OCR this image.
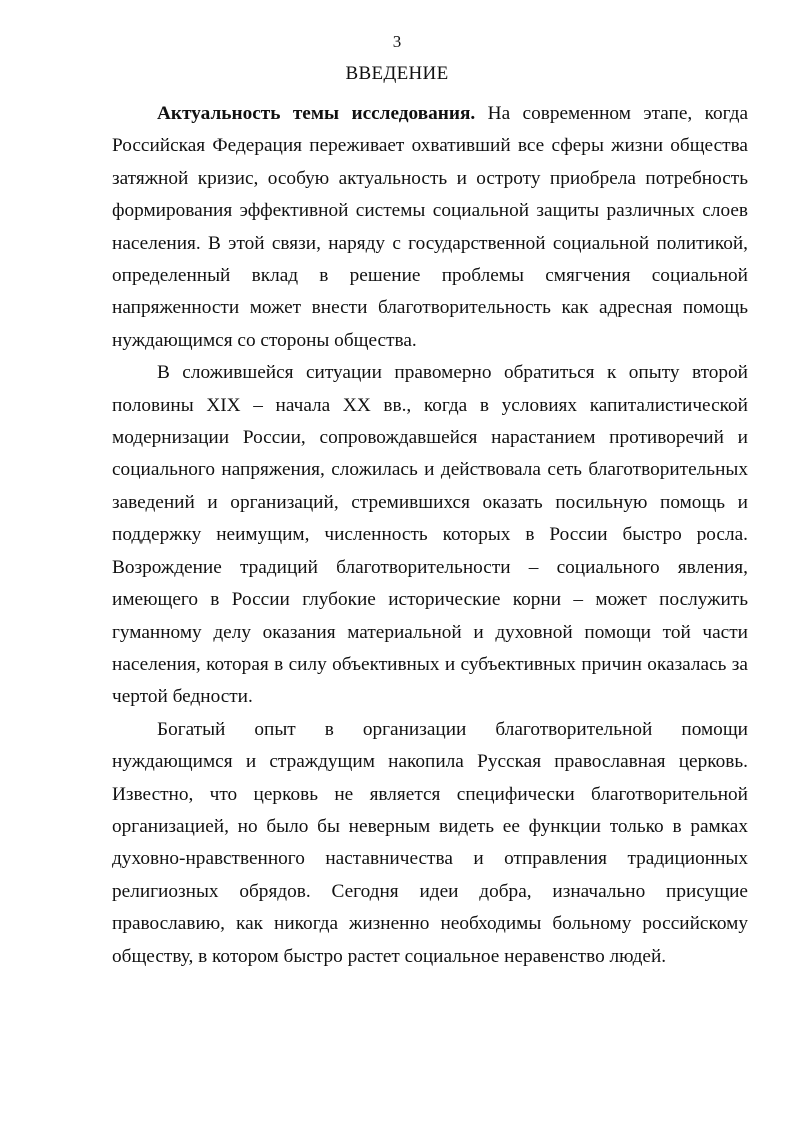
3
ВВЕДЕНИЕ

Актуальность темы исследования. На современном этапе, когда Российская Федерация переживает охвативший все сферы жизни общества затяжной кризис, особую актуальность и остроту приобрела потребность формирования эффективной системы социальной защиты различных слоев населения. В этой связи, наряду с государственной социальной политикой, определенный вклад в решение проблемы смягчения социальной напряженности может внести благотворительность как адресная помощь нуждающимся со стороны общества.

В сложившейся ситуации правомерно обратиться к опыту второй половины XIX – начала XX вв., когда в условиях капиталистической модернизации России, сопровождавшейся нарастанием противоречий и социального напряжения, сложилась и действовала сеть благотворительных заведений и организаций, стремившихся оказать посильную помощь и поддержку неимущим, численность которых в России быстро росла. Возрождение традиций благотворительности – социального явления, имеющего в России глубокие исторические корни – может послужить гуманному делу оказания материальной и духовной помощи той части населения, которая в силу объективных и субъективных причин оказалась за чертой бедности.

Богатый опыт в организации благотворительной помощи нуждающимся и страждущим накопила Русская православная церковь. Известно, что церковь не является специфически благотворительной организацией, но было бы неверным видеть ее функции только в рамках духовно-нравственного наставничества и отправления традиционных религиозных обрядов. Сегодня идеи добра, изначально присущие православию, как никогда жизненно необходимы больному российскому обществу, в котором быстро растет социальное неравенство людей.
